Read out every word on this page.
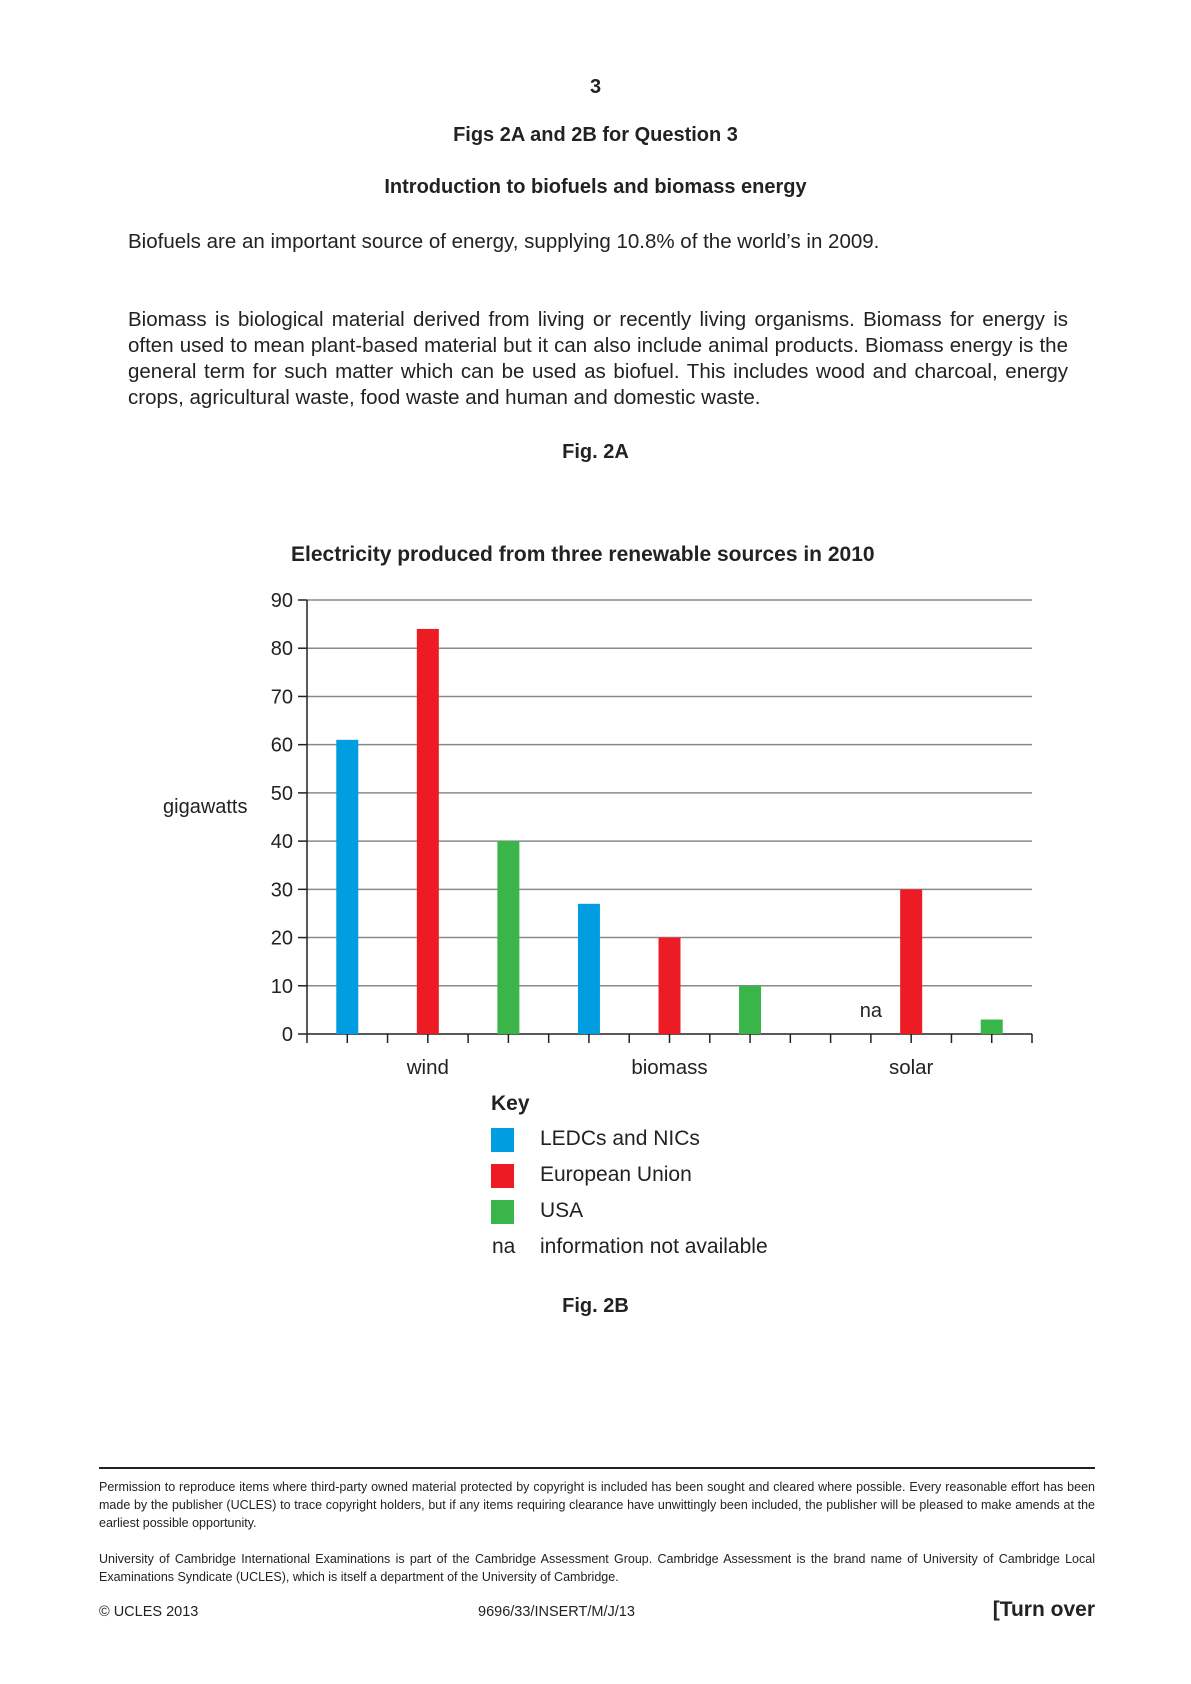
3
Figs 2A and 2B for Question 3
Introduction to biofuels and biomass energy
Biofuels are an important source of energy, supplying 10.8% of the world’s in 2009.
Biomass is biological material derived from living or recently living organisms. Biomass for energy is often used to mean plant-based material but it can also include animal products. Biomass energy is the general term for such matter which can be used as biofuel. This includes wood and charcoal, energy crops, agricultural waste, food waste and human and domestic waste.
Fig. 2A
Electricity produced from three renewable sources in 2010
0
10
20
30
40
50
60
70
80
90
gigawatts
wind	biomass	solar
na
Key
LEDCs and NICs
European Union
USA
na information not available
Fig. 2B
Permission to reproduce items where third-party owned material protected by copyright is included has been sought and cleared where possible. Every reasonable effort has been made by the publisher (UCLES) to trace copyright holders, but if any items requiring clearance have unwittingly been included, the publisher will be pleased to make amends at the earliest possible opportunity.
University of Cambridge International Examinations is part of the Cambridge Assessment Group. Cambridge Assessment is the brand name of University of Cambridge Local Examinations Syndicate (UCLES), which is itself a department of the University of Cambridge.
© UCLES 2013	9696/33/INSERT/M/J/13	[Turn over
